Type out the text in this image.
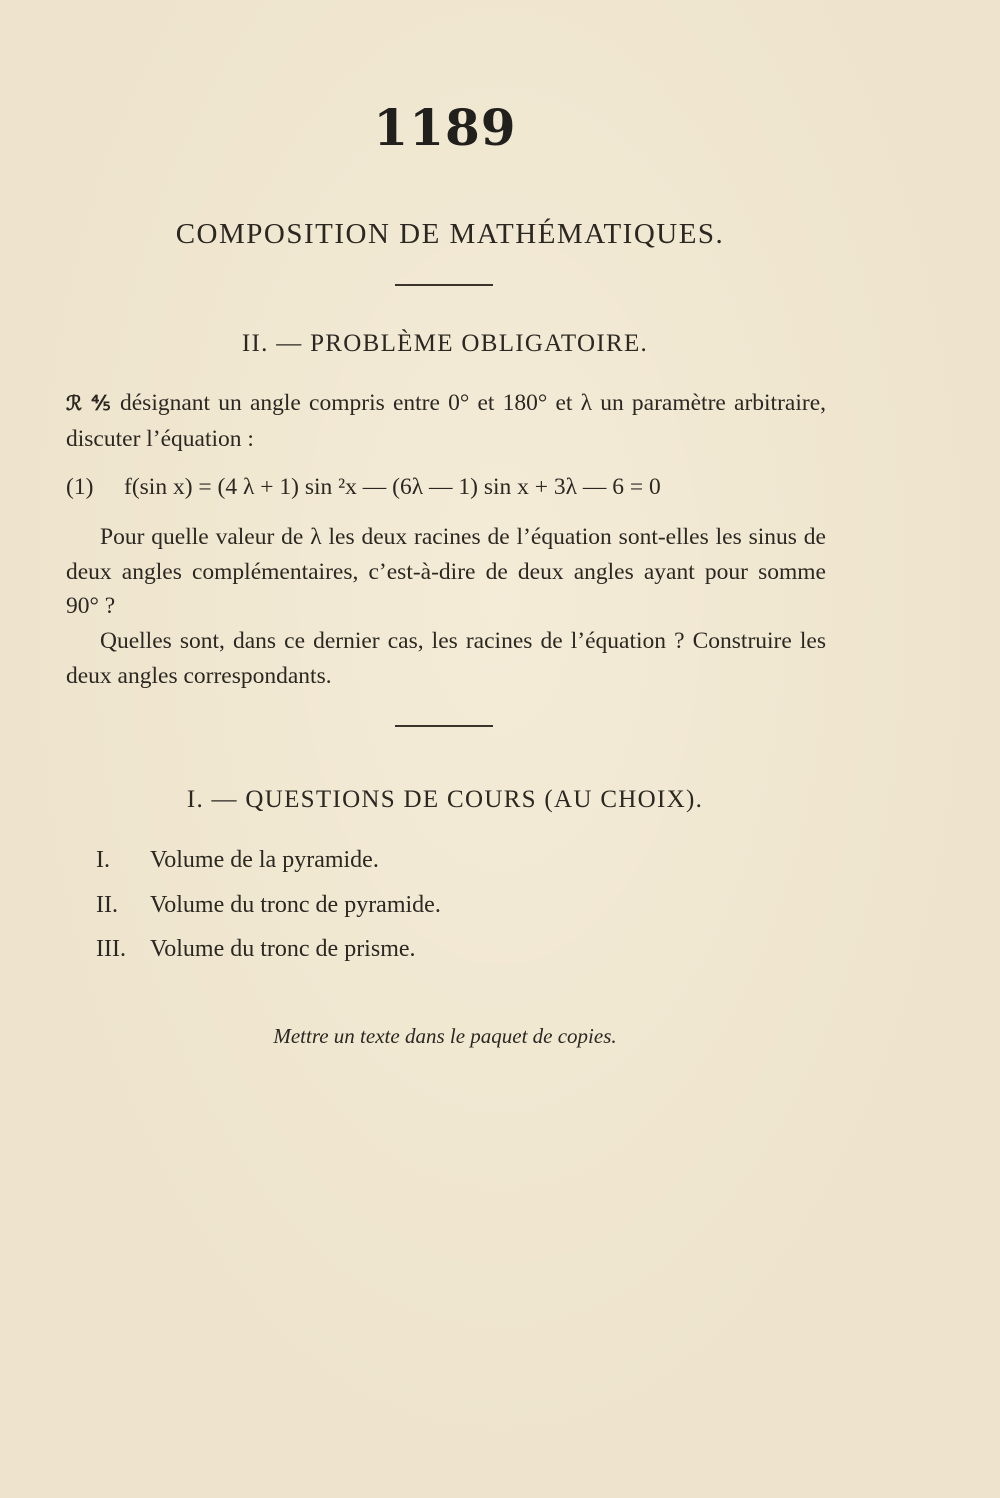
1189
COMPOSITION DE MATHÉMATIQUES.
II. — PROBLÈME OBLIGATOIRE.
ℛ ⅘ désignant un angle compris entre 0° et 180° et λ un paramètre arbitraire, discuter l’équation :
(1) f(sin x) = (4 λ + 1) sin ²x — (6λ — 1) sin x + 3λ — 6 = 0
Pour quelle valeur de λ les deux racines de l’équation sont-elles les sinus de deux angles complémentaires, c’est-à-dire de deux angles ayant pour somme 90° ?
Quelles sont, dans ce dernier cas, les racines de l’équation ? Construire les deux angles correspondants.
I. — QUESTIONS DE COURS (AU CHOIX).
I. Volume de la pyramide.
II. Volume du tronc de pyramide.
III. Volume du tronc de prisme.
Mettre un texte dans le paquet de copies.
